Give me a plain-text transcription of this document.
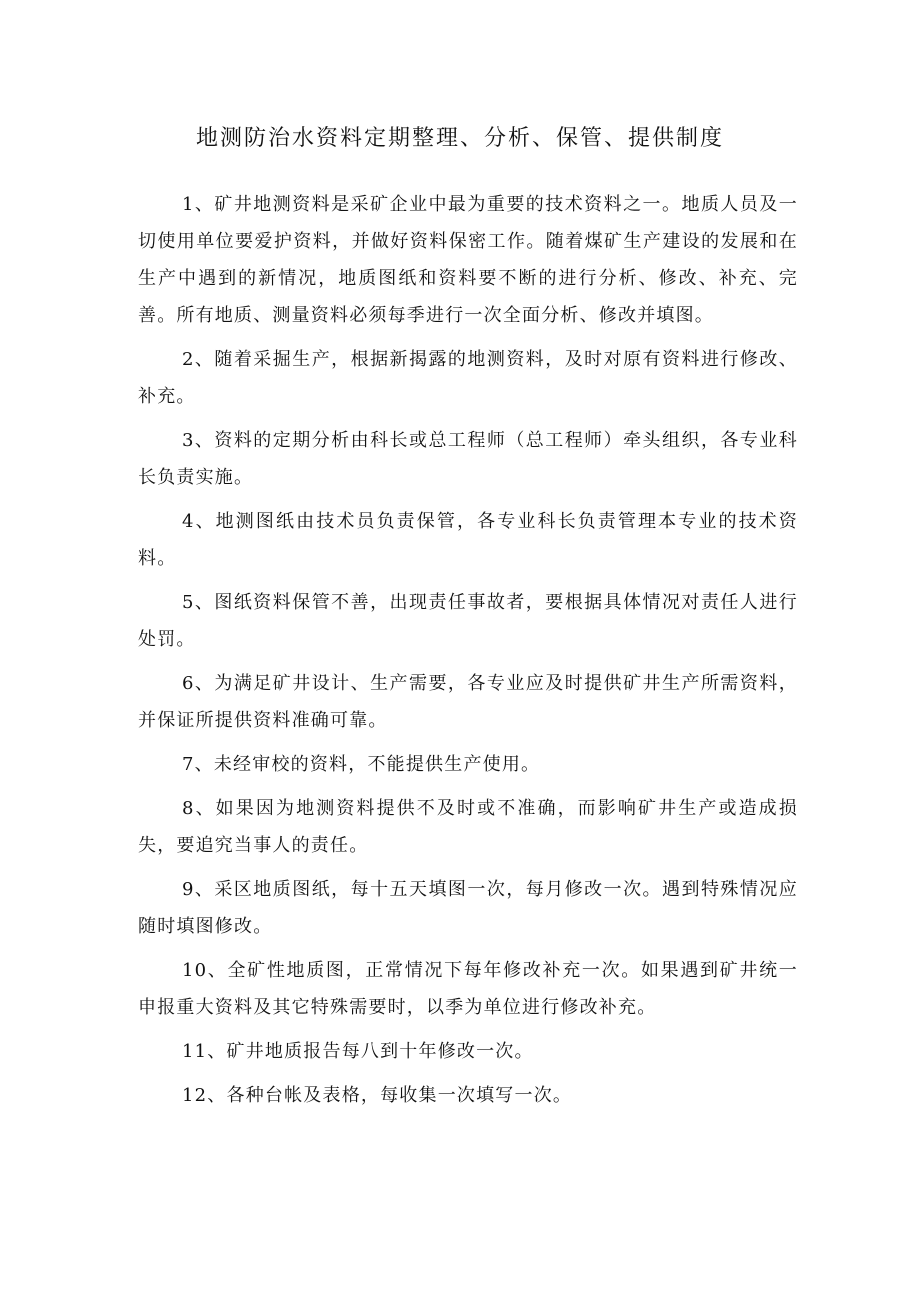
地测防治水资料定期整理、分析、保管、提供制度

1、矿井地测资料是采矿企业中最为重要的技术资料之一。地质人员及一切使用单位要爱护资料，并做好资料保密工作。随着煤矿生产建设的发展和在生产中遇到的新情况，地质图纸和资料要不断的进行分析、修改、补充、完善。所有地质、测量资料必须每季进行一次全面分析、修改并填图。

2、随着采掘生产，根据新揭露的地测资料，及时对原有资料进行修改、补充。

3、资料的定期分析由科长或总工程师（总工程师）牵头组织，各专业科长负责实施。

4、地测图纸由技术员负责保管，各专业科长负责管理本专业的技术资料。

5、图纸资料保管不善，出现责任事故者，要根据具体情况对责任人进行处罚。

6、为满足矿井设计、生产需要，各专业应及时提供矿井生产所需资料，并保证所提供资料准确可靠。

7、未经审校的资料，不能提供生产使用。

8、如果因为地测资料提供不及时或不准确，而影响矿井生产或造成损失，要追究当事人的责任。

9、采区地质图纸，每十五天填图一次，每月修改一次。遇到特殊情况应随时填图修改。

10、全矿性地质图，正常情况下每年修改补充一次。如果遇到矿井统一申报重大资料及其它特殊需要时，以季为单位进行修改补充。

11、矿井地质报告每八到十年修改一次。

12、各种台帐及表格，每收集一次填写一次。
